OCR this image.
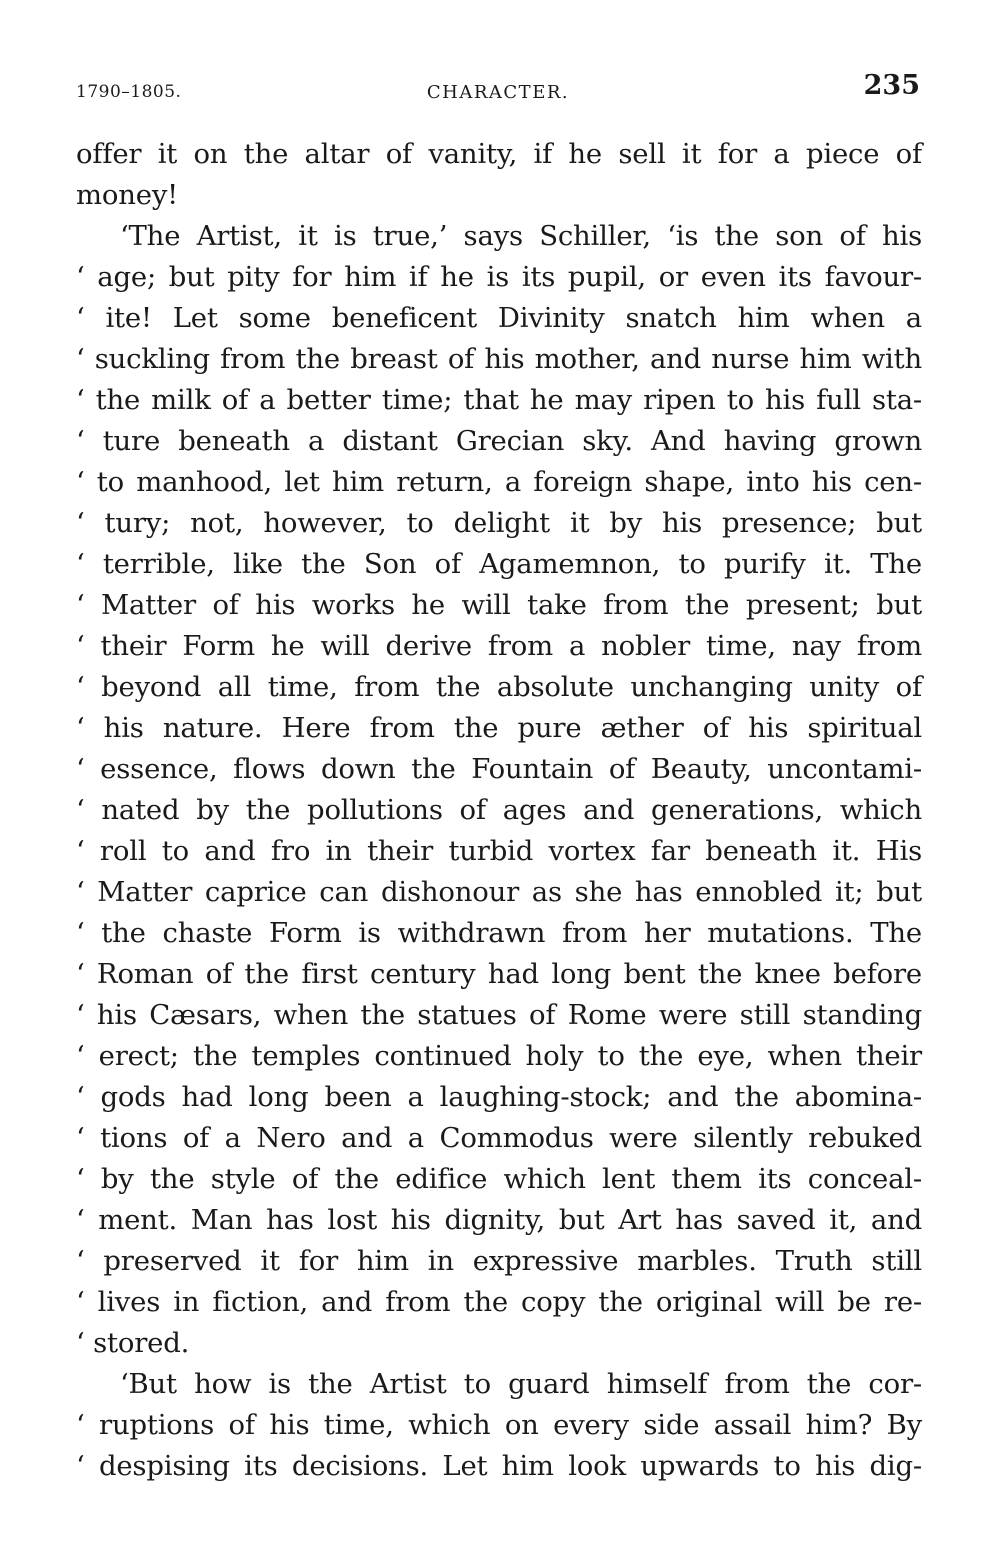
1790–1805.	CHARACTER.	235
offer it on the altar of vanity, if he sell it for a piece of
money!
‘The Artist, it is true,’ says Schiller, ‘is the son of his
‘ age; but pity for him if he is its pupil, or even its favour-
‘ ite! Let some beneficent Divinity snatch him when a
‘ suckling from the breast of his mother, and nurse him with
‘ the milk of a better time; that he may ripen to his full sta-
‘ ture beneath a distant Grecian sky. And having grown
‘ to manhood, let him return, a foreign shape, into his cen-
‘ tury; not, however, to delight it by his presence; but
‘ terrible, like the Son of Agamemnon, to purify it. The
‘ Matter of his works he will take from the present; but
‘ their Form he will derive from a nobler time, nay from
‘ beyond all time, from the absolute unchanging unity of
‘ his nature. Here from the pure æther of his spiritual
‘ essence, flows down the Fountain of Beauty, uncontami-
‘ nated by the pollutions of ages and generations, which
‘ roll to and fro in their turbid vortex far beneath it. His
‘ Matter caprice can dishonour as she has ennobled it; but
‘ the chaste Form is withdrawn from her mutations. The
‘ Roman of the first century had long bent the knee before
‘ his Cæsars, when the statues of Rome were still standing
‘ erect; the temples continued holy to the eye, when their
‘ gods had long been a laughing-stock; and the abomina-
‘ tions of a Nero and a Commodus were silently rebuked
‘ by the style of the edifice which lent them its conceal-
‘ ment. Man has lost his dignity, but Art has saved it, and
‘ preserved it for him in expressive marbles. Truth still
‘ lives in fiction, and from the copy the original will be re-
‘ stored.
‘But how is the Artist to guard himself from the cor-
‘ ruptions of his time, which on every side assail him? By
‘ despising its decisions. Let him look upwards to his dig-
